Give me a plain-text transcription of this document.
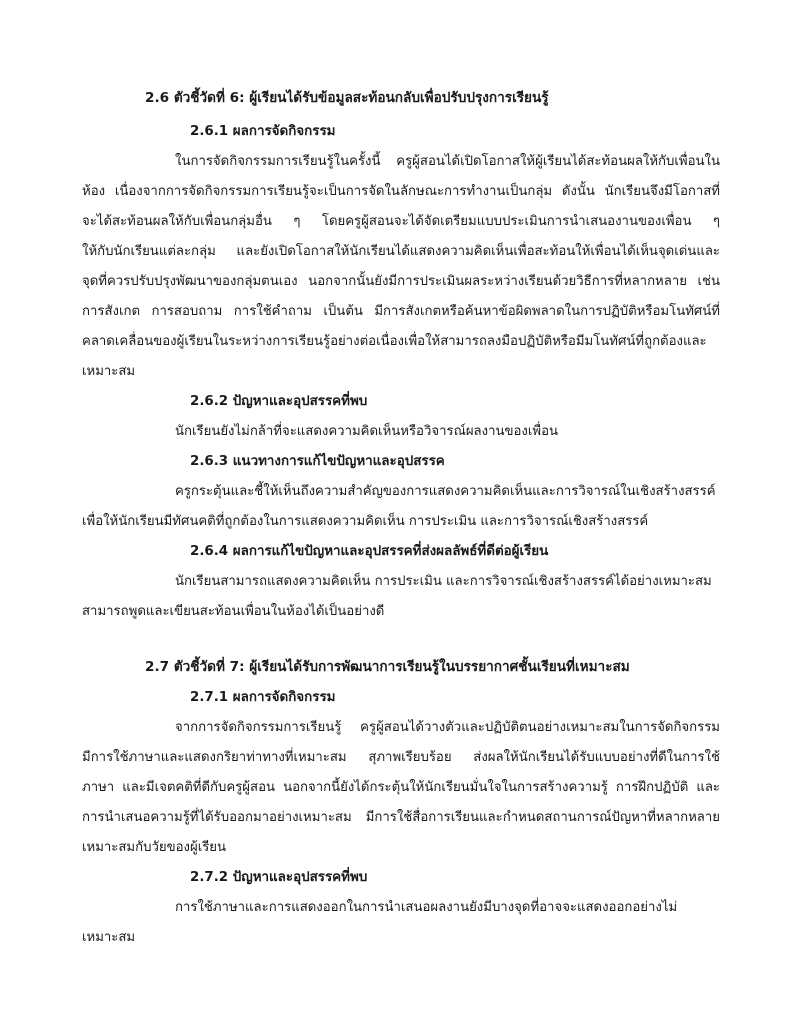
2.6 ตัวชี้วัดที่ 6: ผู้เรียนได้รับข้อมูลสะท้อนกลับเพื่อปรับปรุงการเรียนรู้

2.6.1 ผลการจัดกิจกรรม

ในการจัดกิจกรรมการเรียนรู้ในครั้งนี้ ครูผู้สอนได้เปิดโอกาสให้ผู้เรียนได้สะท้อนผลให้กับเพื่อนใน

ห้อง เนื่องจากการจัดกิจกรรมการเรียนรู้จะเป็นการจัดในลักษณะการทำงานเป็นกลุ่ม ดังนั้น นักเรียนจึงมีโอกาสที่

จะได้สะท้อนผลให้กับเพื่อนกลุ่มอื่น ๆ โดยครูผู้สอนจะได้จัดเตรียมแบบประเมินการนำเสนองานของเพื่อน ๆ

ให้กับนักเรียนแต่ละกลุ่ม และยังเปิดโอกาสให้นักเรียนได้แสดงความคิดเห็นเพื่อสะท้อนให้เพื่อนได้เห็นจุดเด่นและ

จุดที่ควรปรับปรุงพัฒนาของกลุ่มตนเอง นอกจากนั้นยังมีการประเมินผลระหว่างเรียนด้วยวิธีการที่หลากหลาย เช่น

การสังเกต การสอบถาม การใช้คำถาม เป็นต้น มีการสังเกตหรือค้นหาข้อผิดพลาดในการปฏิบัติหรือมโนทัศน์ที่

คลาดเคลื่อนของผู้เรียนในระหว่างการเรียนรู้อย่างต่อเนื่องเพื่อให้สามารถลงมือปฏิบัติหรือมีมโนทัศน์ที่ถูกต้องและ

เหมาะสม

2.6.2 ปัญหาและอุปสรรคที่พบ

นักเรียนยังไม่กล้าที่จะแสดงความคิดเห็นหรือวิจารณ์ผลงานของเพื่อน

2.6.3 แนวทางการแก้ไขปัญหาและอุปสรรค

ครูกระตุ้นและชี้ให้เห็นถึงความสำคัญของการแสดงความคิดเห็นและการวิจารณ์ในเชิงสร้างสรรค์

เพื่อให้นักเรียนมีทัศนคติที่ถูกต้องในการแสดงความคิดเห็น การประเมิน และการวิจารณ์เชิงสร้างสรรค์

2.6.4 ผลการแก้ไขปัญหาและอุปสรรคที่ส่งผลลัพธ์ที่ดีต่อผู้เรียน

นักเรียนสามารถแสดงความคิดเห็น การประเมิน และการวิจารณ์เชิงสร้างสรรค์ได้อย่างเหมาะสม

สามารถพูดและเขียนสะท้อนเพื่อนในห้องได้เป็นอย่างดี

2.7 ตัวชี้วัดที่ 7: ผู้เรียนได้รับการพัฒนาการเรียนรู้ในบรรยากาศชั้นเรียนที่เหมาะสม

2.7.1 ผลการจัดกิจกรรม

จากการจัดกิจกรรมการเรียนรู้ ครูผู้สอนได้วางตัวและปฏิบัติตนอย่างเหมาะสมในการจัดกิจกรรม

มีการใช้ภาษาและแสดงกริยาท่าทางที่เหมาะสม สุภาพเรียบร้อย ส่งผลให้นักเรียนได้รับแบบอย่างที่ดีในการใช้

ภาษา และมีเจตคติที่ดีกับครูผู้สอน นอกจากนี้ยังได้กระตุ้นให้นักเรียนมั่นใจในการสร้างความรู้ การฝึกปฏิบัติ และ

การนำเสนอความรู้ที่ได้รับออกมาอย่างเหมาะสม มีการใช้สื่อการเรียนและกำหนดสถานการณ์ปัญหาที่หลากหลาย

เหมาะสมกับวัยของผู้เรียน

2.7.2 ปัญหาและอุปสรรคที่พบ

การใช้ภาษาและการแสดงออกในการนำเสนอผลงานยังมีบางจุดที่อาจจะแสดงออกอย่างไม่

เหมาะสม
